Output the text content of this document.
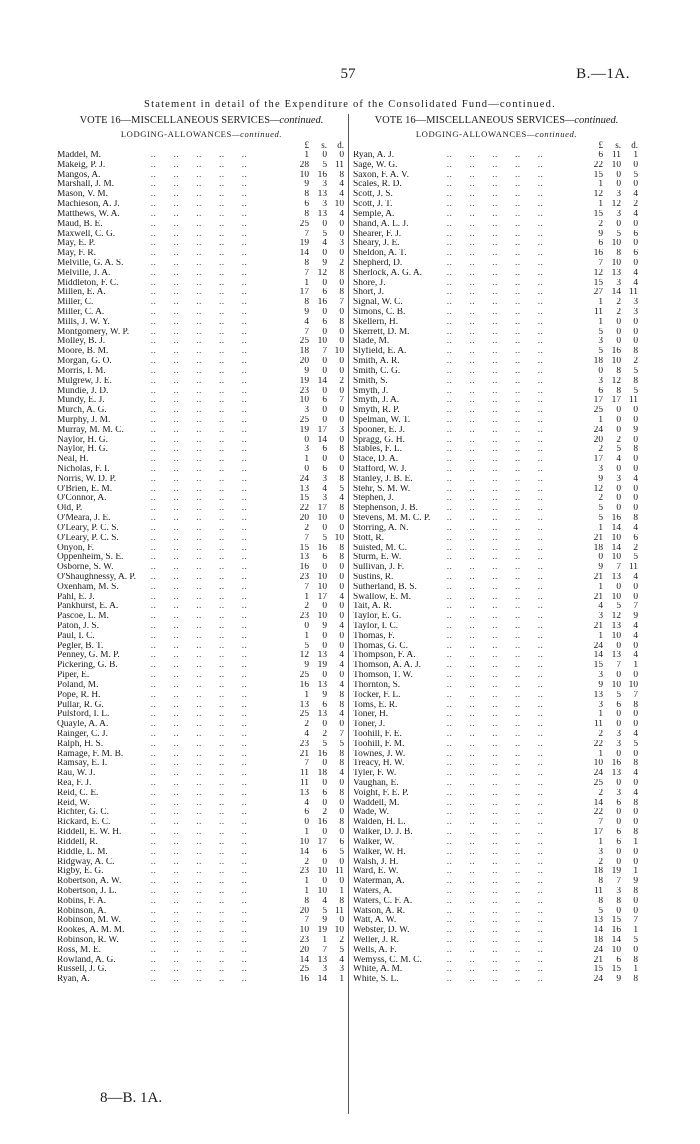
57	B.—1A.
Statement in detail of the Expenditure of the Consolidated Fund—continued.
VOTE 16—MISCELLANEOUS SERVICES—continued.
LODGING-ALLOWANCES—continued.
£	s.	d.
Maddel, M.	..      ..      ..      ..      ..	1	0	0
Makeig, P. J.	..      ..      ..      ..      ..	28	5 11
Mangos, A.	..      ..      ..      ..      ..	10 16	8
Marshall, J. M.	..      ..      ..      ..      ..	9	3	4
Mason, V. M.	..      ..      ..      ..      ..	8 13	4
Machieson, A. J.	..      ..      ..      ..      ..	6	3 10
Matthews, W. A.	..      ..      ..      ..      ..	8 13	4
Maud, B. E.	..      ..      ..      ..      ..	25	0	0
Maxwell, C. G.	..      ..      ..      ..      ..	7	5	0
May, E. P.	..      ..      ..      ..      ..	19	4	3
May, F. R.	..      ..      ..      ..      ..	14	0	0
Melville, G. A. S. ..      ..      ..      ..      ..	8	9	2
Melville, J. A.	..      ..      ..      ..      ..	7 12	8
Middleton, F. C.	..      ..      ..      ..      ..	1	0	0
Millen, E. A.	..      ..      ..      ..      ..	17	6	8
Miller, C.	..      ..      ..      ..      ..	8 16	7
Miller, C. A.	..      ..      ..      ..      ..	9	0	0
Mills, J. W. Y.	..      ..      ..      ..      ..	4	6	8
Montgomery, W. P. ..      ..      ..      ..      ..	7	0	0
Molley, B. J.	..      ..      ..      ..      ..	25 10	0
Moore, B. M.	..      ..      ..      ..      ..	18	7 10
Morgan, G. O.	..      ..      ..      ..      ..	20	0	0
Morris, I. M.	..      ..      ..      ..      ..	9	0	0
Mulgrew, J. E.	..      ..      ..      ..      ..	19 14	2
Mundie, J. D.	..      ..      ..      ..      ..	23	0	0
Mundy, E. J.	..      ..      ..      ..      ..	10	6	7
Murch, A. G.	..      ..      ..      ..      ..	3	0	0
Murphy, J. M.	..      ..      ..      ..      ..	25	0	0
Murray, M. M. C. ..      ..      ..      ..      ..	19 17	3
Naylor, H. G.	..      ..      ..      ..      ..	0 14	0
Naylor, H. G.	..      ..      ..      ..      ..	3	6	8
Neal, H.	..      ..      ..      ..      ..	1	0	0
Nicholas, F. I.	..      ..      ..      ..      ..	0	6	0
Norris, W. D. P.	..      ..      ..      ..      ..	24	3	8
O'Brien, E. M.	..      ..      ..      ..      ..	13	4	5
O'Connor, A.	..      ..      ..      ..      ..	15	3	4
Old, P.	..      ..      ..      ..      ..	22 17	8
O'Meara, J. E.	..      ..      ..      ..      ..	20 10	0
O'Leary, P. C. S.	..      ..      ..      ..      ..	2	0	0
O'Leary, P. C. S.	..      ..      ..      ..      ..	7	5 10
Onyon, F.	..      ..      ..      ..      ..	15 16	8
Oppenheim, S. E. ..      ..      ..      ..      ..	13	6	8
Osborne, S. W.	..      ..      ..      ..      ..	16	0	0
O'Shaughnessy, A. P. ..      ..      ..      ..      ..	23 10	0
Oxenham, M. S.	..      ..      ..      ..      ..	7 10	0
Pahl, E. J.	..      ..      ..      ..      ..	1 17	4
Pankhurst, E. A.	..      ..      ..      ..      ..	2	0	0
Pascoe, L. M.	..      ..      ..      ..      ..	23 10	0
Paton, J. S.	..      ..      ..      ..      ..	0	9	4
Paul, I. C.	..      ..      ..      ..      ..	1	0	0
Pegler, B. T.	..      ..      ..      ..      ..	5	0	0
Penney, G. M. P.	..      ..      ..      ..      ..	12 13	4
Pickering, G. B.	..      ..      ..      ..      ..	9 19	4
Piper, E.	..      ..      ..      ..      ..	25	0	0
Poland, M.	..      ..      ..      ..      ..	16 13	4
Pope, R. H.	..      ..      ..      ..      ..	1	9	8
Pullar, R. G.	..      ..      ..      ..      ..	13	6	8
Pulsford, I. L.	..      ..      ..      ..      ..	25 13	4
Quayle, A. A.	..      ..      ..      ..      ..	2	0	0
Rainger, C. J.	..      ..      ..      ..      ..	4	2	7
Ralph, H. S.	..      ..      ..      ..      ..	23	5	5
Ramage, F. M. B. ..      ..      ..      ..      ..	21 16	8
Ramsay, E. I.	..      ..      ..      ..      ..	7	0	8
Rau, W. J.	..      ..      ..      ..      ..	11 18	4
Rea, F. J.	..      ..      ..      ..      ..	11	0	0
Reid, C. E.	..      ..      ..      ..      ..	13	6	8
Reid, W.	..      ..      ..      ..      ..	4	0	0
Richter, G. C.	..      ..      ..      ..      ..	6	2	0
Rickard, E. C.	..      ..      ..      ..      ..	0 16	8
Riddell, E. W. H.	..      ..      ..      ..      ..	1	0	0
Riddell, R.	..      ..      ..      ..      ..	10 17	6
Riddle, L. M.	..      ..      ..      ..      ..	14	6	5
Ridgway, A. C.	..      ..      ..      ..      ..	2	0	0
Rigby, E. G.	..      ..      ..      ..      ..	23 10 11
Robertson, A. W.	..      ..      ..      ..      ..	1	0	0
Robertson, J. L.	..      ..      ..      ..      ..	1 10	1
Robins, F. A.	..      ..      ..      ..      ..	8	4	8
Robinson, A.	..      ..      ..      ..      ..	20	5 11
Robinson, M. W.	..      ..      ..      ..      ..	7	9	0
Rookes, A. M. M. ..      ..      ..      ..      ..	10 19 10
Robinson, R. W.	..      ..      ..      ..      ..	23	1	2
Ross, M. E.	..      ..      ..      ..      ..	20	7	5
Rowland, A. G.	..      ..      ..      ..      ..	14 13	4
Russell, J. G.	..      ..      ..      ..      ..	25	3	3
Ryan, A.	..      ..      ..      ..      ..	16 14	1
VOTE 16—MISCELLANEOUS SERVICES—continued.
LODGING-ALLOWANCES—continued.
£	s.	d.
Ryan, A. J.	..      ..      ..      ..      ..	6 11	1
Sage, W. G.	..      ..      ..      ..      ..	22 10	0
Saxon, F. A. V.	..      ..      ..      ..      ..	15	0	5
Scales, R. D.	..      ..      ..      ..      ..	1	0	0
Scott, J. S.	..      ..      ..      ..      ..	12	3	4
Scott, J. T.	..      ..      ..      ..      ..	1 12	2
Semple, A.	..      ..      ..      ..      ..	15	3	4
Shand, A. L. J.	..      ..      ..      ..      ..	2	0	0
Shearer, F. J.	..      ..      ..      ..      ..	9	5	6
Sheary, J. E.	..      ..      ..      ..      ..	6 10	0
Sheldon, A. T.	..      ..      ..      ..      ..	16	8	6
Shepherd, D.	..      ..      ..      ..      ..	7 10	0
Sherlock, A. G. A. ..      ..      ..      ..      ..	12 13	4
Shore, J.	..      ..      ..      ..      ..	15	3	4
Short, J.	..      ..      ..      ..      ..	27 14 11
Signal, W. C.	..      ..      ..      ..      ..	1	2	3
Simons, C. B.	..      ..      ..      ..      ..	11	2	3
Skellern, H.	..      ..      ..      ..      ..	1	0	0
Skerrett, D. M.	..      ..      ..      ..      ..	5	0	0
Slade, M.	..      ..      ..      ..      ..	3	0	0
Slyfield, E. A.	..      ..      ..      ..      ..	5 16	8
Smith, A. R.	..      ..      ..      ..      ..	18 10	2
Smith, C. G.	..      ..      ..      ..      ..	0	8	5
Smith, S.	..      ..      ..      ..      ..	3 12	8
Smyth, J.	..      ..      ..      ..      ..	6	8	5
Smyth, J. A.	..      ..      ..      ..      ..	17 17 11
Smyth, R. P.	..      ..      ..      ..      ..	25	0	0
Spelman, W. T.	..      ..      ..      ..      ..	1	0	0
Spooner, E. J.	..      ..      ..      ..      ..	24	0	9
Spragg, G. H.	..      ..      ..      ..      ..	20	2	0
Stables, F. L.	..      ..      ..      ..      ..	2	5	8
Stace, D. A.	..      ..      ..      ..      ..	17	4	0
Stafford, W. J.	..      ..      ..      ..      ..	3	0	0
Stanley, J. B. E.	..      ..      ..      ..      ..	9	3	4
Stehr, S. M. W.	..      ..      ..      ..      ..	12	0	0
Stephen, J.	..      ..      ..      ..      ..	2	0	0
Stephenson, J. B. ..      ..      ..      ..      ..	5	0	0
Stevens, M. M. C. P. ..      ..      ..      ..      ..	5 16	8
Storring, A. N.	..      ..      ..      ..      ..	1 14	4
Stott, R.	..      ..      ..      ..      ..	21 10	6
Suisted, M. C.	..      ..      ..      ..      ..	18 14	2
Sturm, E. W.	..      ..      ..      ..      ..	0 10	5
Sullivan, J. F.	..      ..      ..      ..      ..	9	7 11
Sustins, R.	..      ..      ..      ..      ..	21 13	4
Sutherland, B. S.	..      ..      ..      ..      ..	1	0	0
Swallow, E. M.	..      ..      ..      ..      ..	21 10	0
Tait, A. R.	..      ..      ..      ..      ..	4	5	7
Taylor, E. G.	..      ..      ..      ..      ..	3 12	9
Taylor, I. C.	..      ..      ..      ..      ..	21 13	4
Thomas, F.	..      ..      ..      ..      ..	1 10	4
Thomas, G. C.	..      ..      ..      ..      ..	24	0	0
Thompson, F. A.	..      ..      ..      ..      ..	14 13	4
Thomson, A. A. J. ..      ..      ..      ..      ..	15	7	1
Thomson, T. W.	..      ..      ..      ..      ..	3	0	0
Thornton, S.	..      ..      ..      ..      ..	9 10 10
Tocker, F. L.	..      ..      ..      ..      ..	13	5	7
Toms, E. R.	..      ..      ..      ..      ..	3	6	8
Toner, H.	..      ..      ..      ..      ..	1	0	0
Toner, J.	..      ..      ..      ..      ..	11	0	0
Toohill, F. E.	..      ..      ..      ..      ..	2	3	4
Toohill, F. M.	..      ..      ..      ..      ..	22	3	5
Townes, J. W.	..      ..      ..      ..      ..	1	0	0
Treacy, H. W.	..      ..      ..      ..      ..	10 16	8
Tyler, F. W.	..      ..      ..      ..      ..	24 13	4
Vaughan, E.	..      ..      ..      ..      ..	25	0	0
Voight, F. E. P.	..      ..      ..      ..      ..	2	3	4
Waddell, M.	..      ..      ..      ..      ..	14	6	8
Wade, W.	..      ..      ..      ..      ..	22	0	0
Walden, H. L.	..      ..      ..      ..      ..	7	0	0
Walker, D. J. B.	..      ..      ..      ..      ..	17	6	8
Walker, W.	..      ..      ..      ..      ..	1	6	1
Walker, W. H.	..      ..      ..      ..      ..	3	0	0
Walsh, J. H.	..      ..      ..      ..      ..	2	0	0
Ward, E. W.	..      ..      ..      ..      ..	18 19	1
Waterman, A.	..      ..      ..      ..      ..	8	7	9
Waters, A.	..      ..      ..      ..      ..	11	3	8
Waters, C. F. A.	..      ..      ..      ..      ..	8	8	0
Watson, A. R.	..      ..      ..      ..      ..	5	0	0
Watt, A. W.	..      ..      ..      ..      ..	13 15	7
Webster, D. W.	..      ..      ..      ..      ..	14 16	1
Weller, J. R.	..      ..      ..      ..      ..	18 14	5
Wells, A. F.	..      ..      ..      ..      ..	24 10	0
Wemyss, C. M. C. ..      ..      ..      ..      ..	21	6	8
White, A. M.	..      ..      ..      ..      ..	15 15	1
White, S. L.	..      ..      ..      ..      ..	24	9	8
8—B. 1A.
